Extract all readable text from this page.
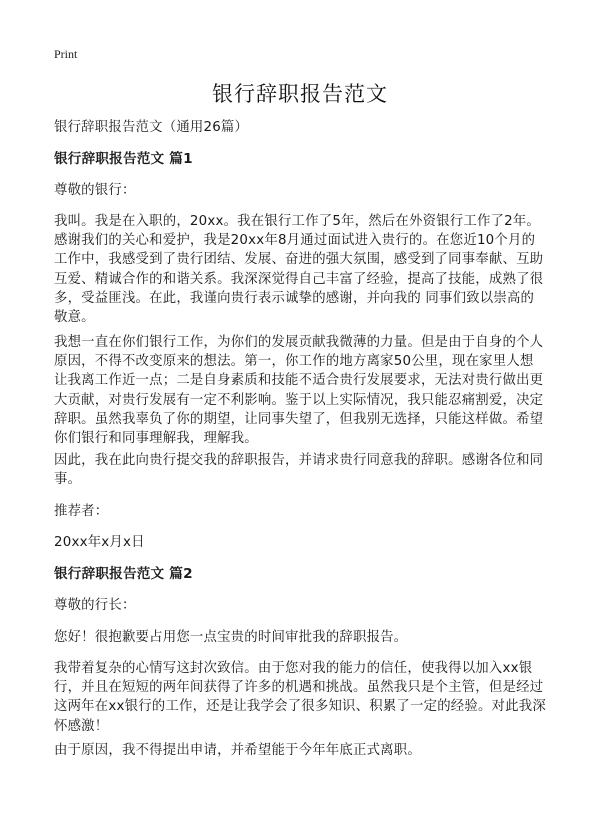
Print
银行辞职报告范文
银行辞职报告范文（通用26篇）
银行辞职报告范文 篇1
尊敬的银行：
我叫。我是在入职的，20xx。我在银行工作了5年，然后在外资银行工作了2年。感谢我们的关心和爱护，我是20xx年8月通过面试进入贵行的。在您近10个月的工作中，我感受到了贵行团结、发展、奋进的强大氛围，感受到了同事奉献、互助互爱、精诚合作的和谐关系。我深深觉得自己丰富了经验，提高了技能，成熟了很多，受益匪浅。在此，我谨向贵行表示诚挚的感谢，并向我的 同事们致以崇高的敬意。
我想一直在你们银行工作，为你们的发展贡献我微薄的力量。但是由于自身的个人原因，不得不改变原来的想法。第一，你工作的地方离家50公里，现在家里人想让我离工作近一点；二是自身素质和技能不适合贵行发展要求，无法对贵行做出更大贡献，对贵行发展有一定不利影响。鉴于以上实际情况，我只能忍痛割爱，决定辞职。虽然我辜负了你的期望，让同事失望了，但我别无选择，只能这样做。希望你们银行和同事理解我，理解我。
因此，我在此向贵行提交我的辞职报告，并请求贵行同意我的辞职。感谢各位和同事。
推荐者：
20xx年x月x日
银行辞职报告范文 篇2
尊敬的行长：
您好！很抱歉要占用您一点宝贵的时间审批我的辞职报告。
我带着复杂的心情写这封次致信。由于您对我的能力的信任，使我得以加入xx银行，并且在短短的两年间获得了许多的机遇和挑战。虽然我只是个主管，但是经过这两年在xx银行的工作，还是让我学会了很多知识、积累了一定的经验。对此我深怀感激！
由于原因，我不得提出申请，并希望能于今年年底正式离职。
